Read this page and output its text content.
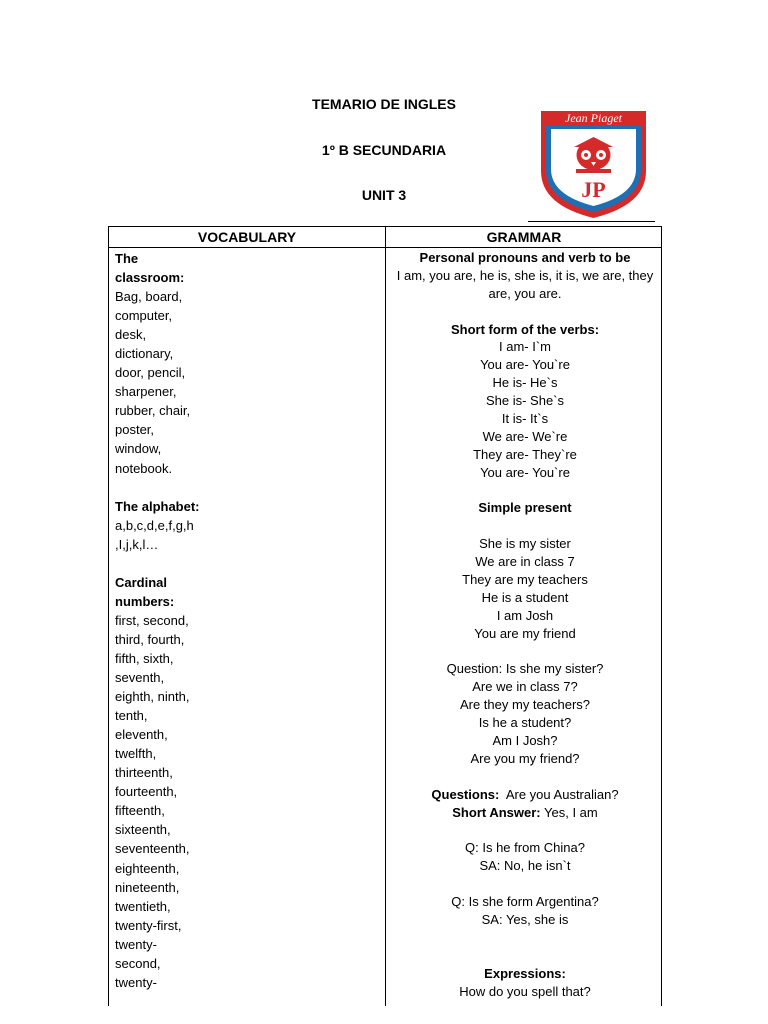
TEMARIO DE INGLES
1º B SECUNDARIA
UNIT 3
Jean Piaget
JP
VOCABULARY	GRAMMAR
The
classroom:
Bag, board,
computer,
desk,
dictionary,
door, pencil,
sharpener,
rubber, chair,
poster,
window,
notebook.
The alphabet:
a,b,c,d,e,f,g,h
,I,j,k,l…
Cardinal
numbers:
first, second,
third, fourth,
fifth, sixth,
seventh,
eighth, ninth,
tenth,
eleventh,
twelfth,
thirteenth,
fourteenth,
fifteenth,
sixteenth,
seventeenth,
eighteenth,
nineteenth,
twentieth,
twenty-first,
twenty-
second,
twenty-
Personal pronouns and verb to be
I am, you are, he is, she is, it is, we are, they
are, you are.
Short form of the verbs:
I am- I`m
You are- You`re
He is- He`s
She is- She`s
It is- It`s
We are- We`re
They are- They`re
You are- You`re
Simple present
She is my sister
We are in class 7
They are my teachers
He is a student
I am Josh
You are my friend
Question: Is she my sister?
Are we in class 7?
Are they my teachers?
Is he a student?
Am I Josh?
Are you my friend?
Questions: Are you Australian?
Short Answer: Yes, I am
Q: Is he from China?
SA: No, he isn`t
Q: Is she form Argentina?
SA: Yes, she is
Expressions:
How do you spell that?
